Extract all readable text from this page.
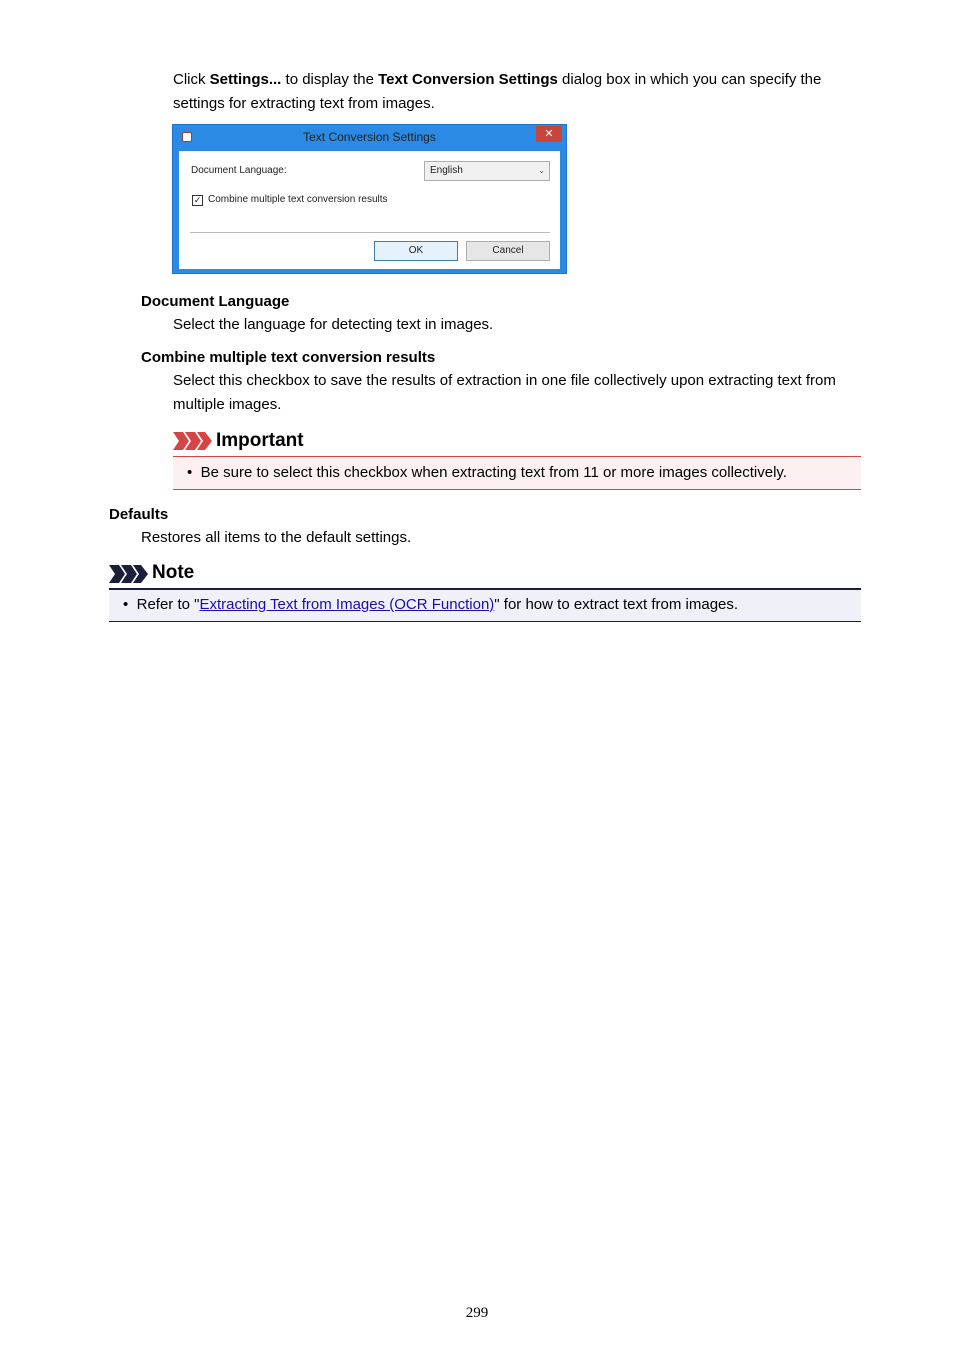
Click Settings... to display the Text Conversion Settings dialog box in which you can specify the settings for extracting text from images.

Text Conversion Settings	✕
Document Language:	English	⌄
✓ Combine multiple text conversion results
OK	Cancel

Document Language

Select the language for detecting text in images.

Combine multiple text conversion results

Select this checkbox to save the results of extraction in one file collectively upon extracting text from multiple images.

Important
• Be sure to select this checkbox when extracting text from 11 or more images collectively.

Defaults

Restores all items to the default settings.

Note
• Refer to "Extracting Text from Images (OCR Function)" for how to extract text from images.
299
